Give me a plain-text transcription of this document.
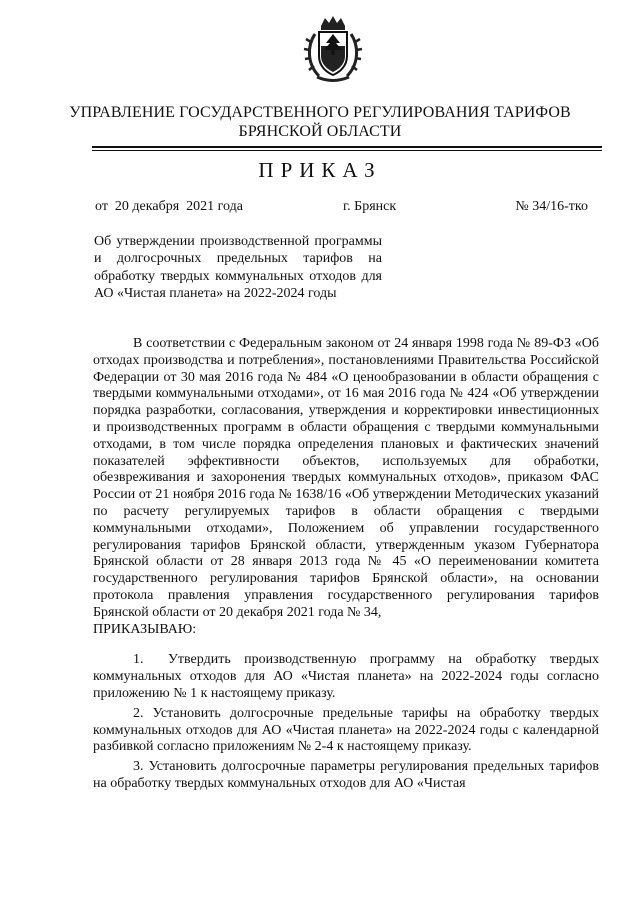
УПРАВЛЕНИЕ ГОСУДАРСТВЕННОГО РЕГУЛИРОВАНИЯ ТАРИФОВ
БРЯНСКОЙ ОБЛАСТИ
ПРИКАЗ
от  20 декабря  2021 года	г. Брянск	№ 34/16-тко
Об утверждении производственной программы и долгосрочных предельных тарифов на обработку твердых коммунальных отходов для АО «Чистая планета» на 2022-2024 годы

В соответствии с Федеральным законом от 24 января 1998 года № 89-ФЗ «Об отходах производства и потребления», постановлениями Правительства Российской Федерации от 30 мая 2016 года № 484 «О ценообразовании в области обращения с твердыми коммунальными отходами», от 16 мая 2016 года № 424 «Об утверждении порядка разработки, согласования, утверждения и корректировки инвестиционных и производственных программ в области обращения с твердыми коммунальными отходами, в том числе порядка определения плановых и фактических значений показателей эффективности объектов, используемых для обработки, обезвреживания и захоронения твердых коммунальных отходов», приказом ФАС России от 21 ноября 2016 года № 1638/16 «Об утверждении Методических указаний по расчету регулируемых тарифов в области обращения с твердыми коммунальными отходами», Положением об управлении государственного регулирования тарифов Брянской области, утвержденным указом Губернатора Брянской области от 28 января 2013 года № 45 «О переименовании комитета государственного регулирования тарифов Брянской области», на основании протокола правления управления государственного регулирования тарифов Брянской области от 20 декабря 2021 года № 34,

ПРИКАЗЫВАЮ:

1. Утвердить производственную программу на обработку твердых коммунальных отходов для АО «Чистая планета» на 2022-2024 годы согласно приложению № 1 к настоящему приказу.

2. Установить долгосрочные предельные тарифы на обработку твердых коммунальных отходов для АО «Чистая планета» на 2022-2024 годы с календарной разбивкой согласно приложениям № 2-4 к настоящему приказу.

3. Установить долгосрочные параметры регулирования предельных тарифов на обработку твердых коммунальных отходов для АО «Чистая
